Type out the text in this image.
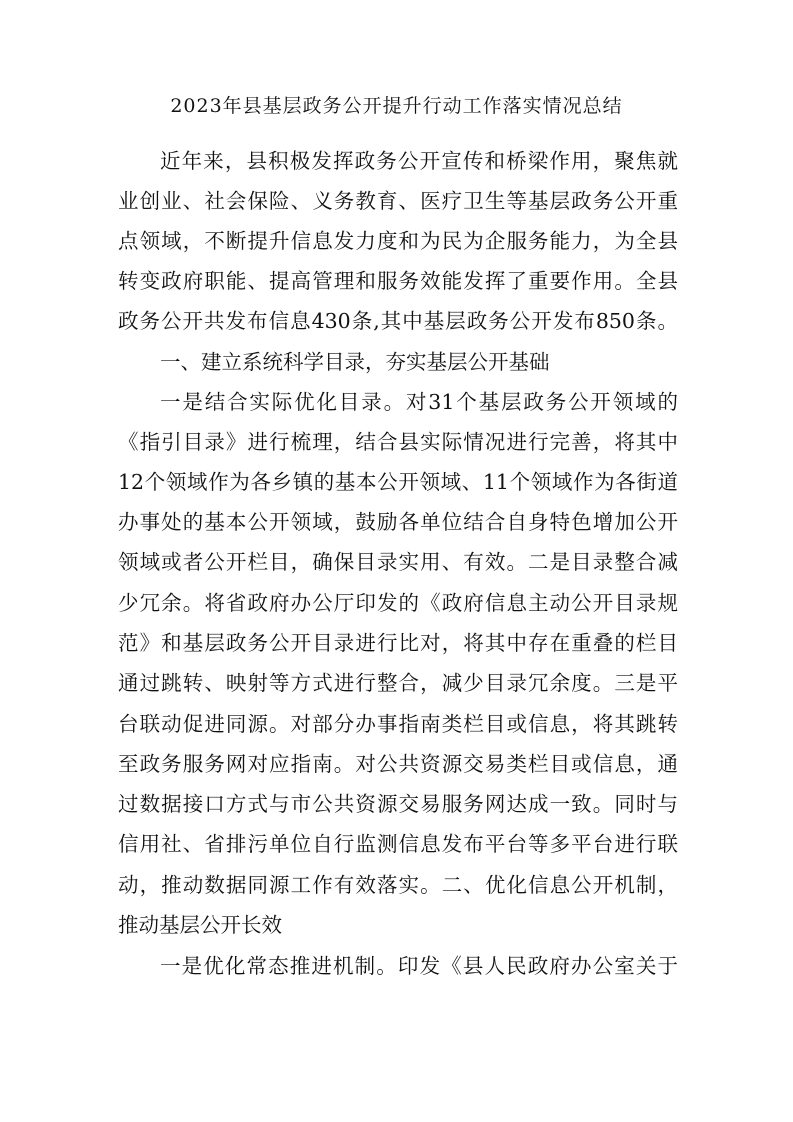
2023年县基层政务公开提升行动工作落实情况总结
近年来，县积极发挥政务公开宣传和桥梁作用，聚焦就
业创业、社会保险、义务教育、医疗卫生等基层政务公开重
点领域，不断提升信息发力度和为民为企服务能力，为全县
转变政府职能、提高管理和服务效能发挥了重要作用。全县
政务公开共发布信息430条,其中基层政务公开发布850条。
一、建立系统科学目录，夯实基层公开基础
一是结合实际优化目录。对31个基层政务公开领域的
《指引目录》进行梳理，结合县实际情况进行完善，将其中
12个领域作为各乡镇的基本公开领域、11个领域作为各街道
办事处的基本公开领域，鼓励各单位结合自身特色增加公开
领域或者公开栏目，确保目录实用、有效。二是目录整合减
少冗余。将省政府办公厅印发的《政府信息主动公开目录规
范》和基层政务公开目录进行比对，将其中存在重叠的栏目
通过跳转、映射等方式进行整合，减少目录冗余度。三是平
台联动促进同源。对部分办事指南类栏目或信息，将其跳转
至政务服务网对应指南。对公共资源交易类栏目或信息，通
过数据接口方式与市公共资源交易服务网达成一致。同时与
信用社、省排污单位自行监测信息发布平台等多平台进行联
动，推动数据同源工作有效落实。二、优化信息公开机制，
推动基层公开长效
一是优化常态推进机制。印发《县人民政府办公室关于
